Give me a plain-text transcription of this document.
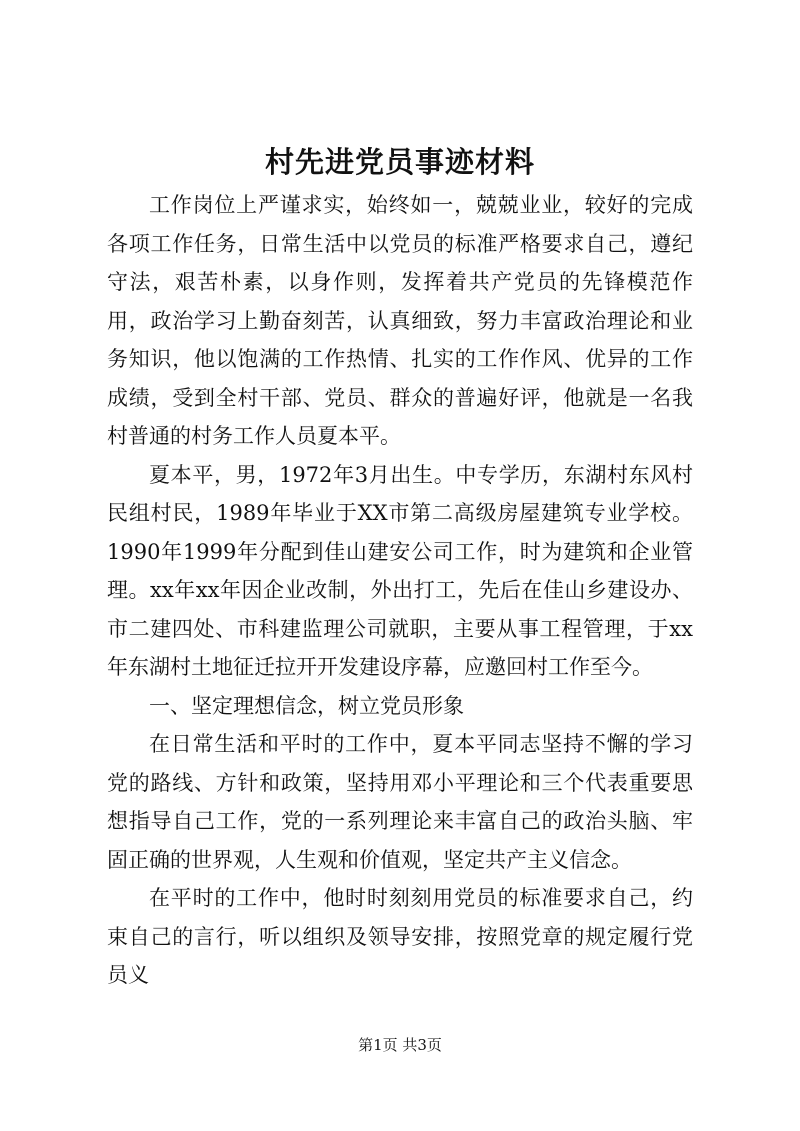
村先进党员事迹材料

工作岗位上严谨求实，始终如一，兢兢业业，较好的完成各项工作任务，日常生活中以党员的标准严格要求自己，遵纪守法，艰苦朴素，以身作则，发挥着共产党员的先锋模范作用，政治学习上勤奋刻苦，认真细致，努力丰富政治理论和业务知识，他以饱满的工作热情、扎实的工作作风、优异的工作成绩，受到全村干部、党员、群众的普遍好评，他就是一名我村普通的村务工作人员夏本平。

夏本平，男，1972年3月出生。中专学历，东湖村东风村民组村民，1989年毕业于XX市第二高级房屋建筑专业学校。1990年1999年分配到佳山建安公司工作，时为建筑和企业管理。xx年xx年因企业改制，外出打工，先后在佳山乡建设办、市二建四处、市科建监理公司就职，主要从事工程管理，于xx年东湖村土地征迁拉开开发建设序幕，应邀回村工作至今。

一、坚定理想信念，树立党员形象

在日常生活和平时的工作中，夏本平同志坚持不懈的学习党的路线、方针和政策，坚持用邓小平理论和三个代表重要思想指导自己工作，党的一系列理论来丰富自己的政治头脑、牢固正确的世界观，人生观和价值观，坚定共产主义信念。

在平时的工作中，他时时刻刻用党员的标准要求自己，约束自己的言行，听以组织及领导安排，按照党章的规定履行党员义

第1页 共3页
